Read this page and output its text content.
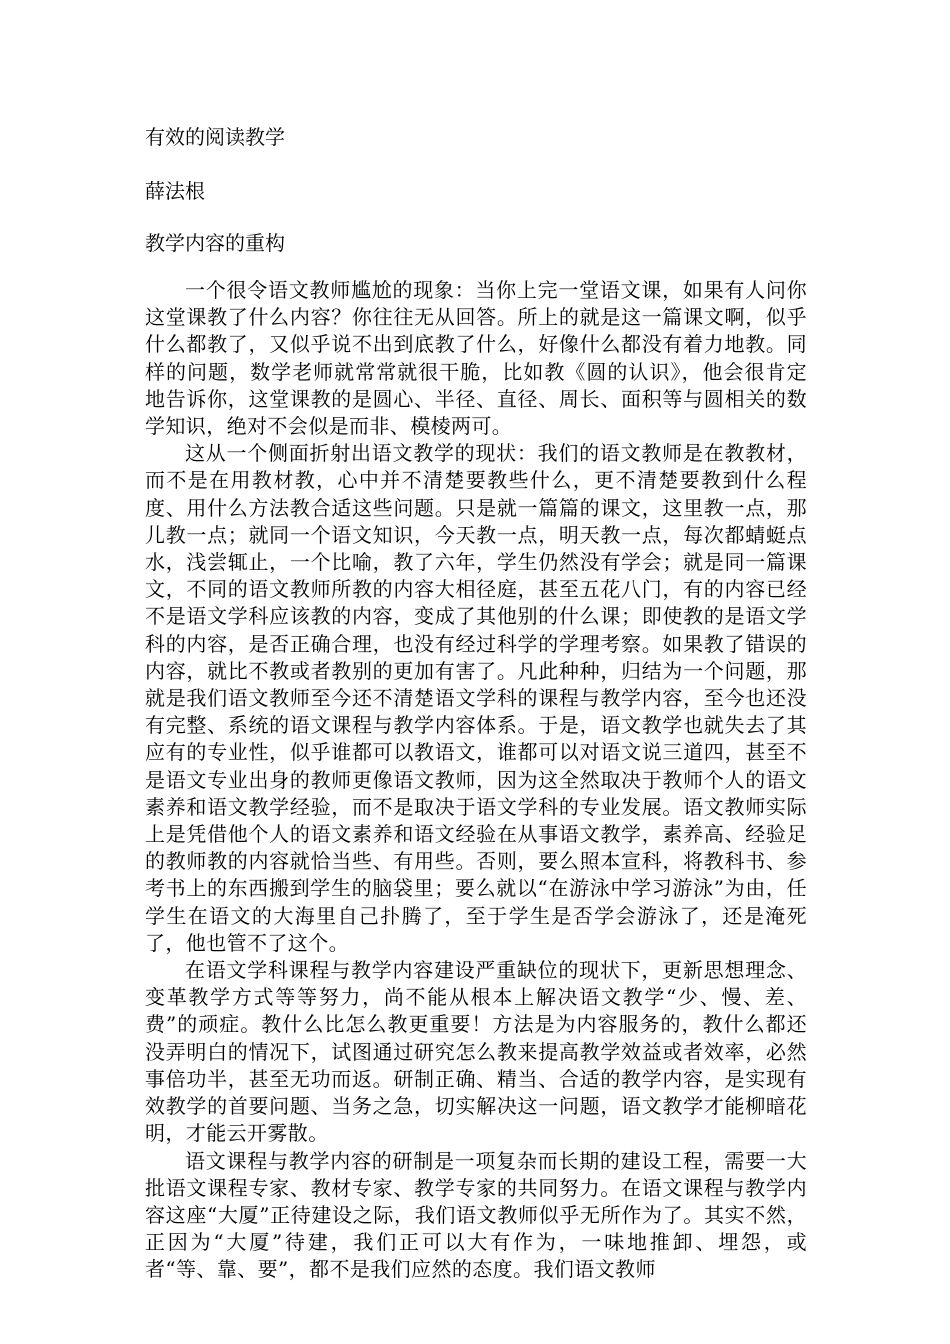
有效的阅读教学

薛法根

教学内容的重构

一个很令语文教师尴尬的现象：当你上完一堂语文课，如果有人问你这堂课教了什么内容？你往往无从回答。所上的就是这一篇课文啊，似乎什么都教了，又似乎说不出到底教了什么，好像什么都没有着力地教。同样的问题，数学老师就常常就很干脆，比如教《圆的认识》，他会很肯定地告诉你，这堂课教的是圆心、半径、直径、周长、面积等与圆相关的数学知识，绝对不会似是而非、模棱两可。

这从一个侧面折射出语文教学的现状：我们的语文教师是在教教材，而不是在用教材教，心中并不清楚要教些什么，更不清楚要教到什么程度、用什么方法教合适这些问题。只是就一篇篇的课文，这里教一点，那儿教一点；就同一个语文知识，今天教一点，明天教一点，每次都蜻蜓点水，浅尝辄止，一个比喻，教了六年，学生仍然没有学会；就是同一篇课文，不同的语文教师所教的内容大相径庭，甚至五花八门，有的内容已经不是语文学科应该教的内容，变成了其他别的什么课；即使教的是语文学科的内容，是否正确合理，也没有经过科学的学理考察。如果教了错误的内容，就比不教或者教别的更加有害了。凡此种种，归结为一个问题，那就是我们语文教师至今还不清楚语文学科的课程与教学内容，至今也还没有完整、系统的语文课程与教学内容体系。于是，语文教学也就失去了其应有的专业性，似乎谁都可以教语文，谁都可以对语文说三道四，甚至不是语文专业出身的教师更像语文教师，因为这全然取决于教师个人的语文素养和语文教学经验，而不是取决于语文学科的专业发展。语文教师实际上是凭借他个人的语文素养和语文经验在从事语文教学，素养高、经验足的教师教的内容就恰当些、有用些。否则，要么照本宣科，将教科书、参考书上的东西搬到学生的脑袋里；要么就以“在游泳中学习游泳”为由，任学生在语文的大海里自己扑腾了，至于学生是否学会游泳了，还是淹死了，他也管不了这个。

在语文学科课程与教学内容建设严重缺位的现状下，更新思想理念、变革教学方式等等努力，尚不能从根本上解决语文教学“少、慢、差、费”的顽症。教什么比怎么教更重要！方法是为内容服务的，教什么都还没弄明白的情况下，试图通过研究怎么教来提高教学效益或者效率，必然事倍功半，甚至无功而返。研制正确、精当、合适的教学内容，是实现有效教学的首要问题、当务之急，切实解决这一问题，语文教学才能柳暗花明，才能云开雾散。

语文课程与教学内容的研制是一项复杂而长期的建设工程，需要一大批语文课程专家、教材专家、教学专家的共同努力。在语文课程与教学内容这座“大厦”正待建设之际，我们语文教师似乎无所作为了。其实不然，正因为“大厦”待建，我们正可以大有作为，一味地推卸、埋怨，或者“等、靠、要”，都不是我们应然的态度。我们语文教师
